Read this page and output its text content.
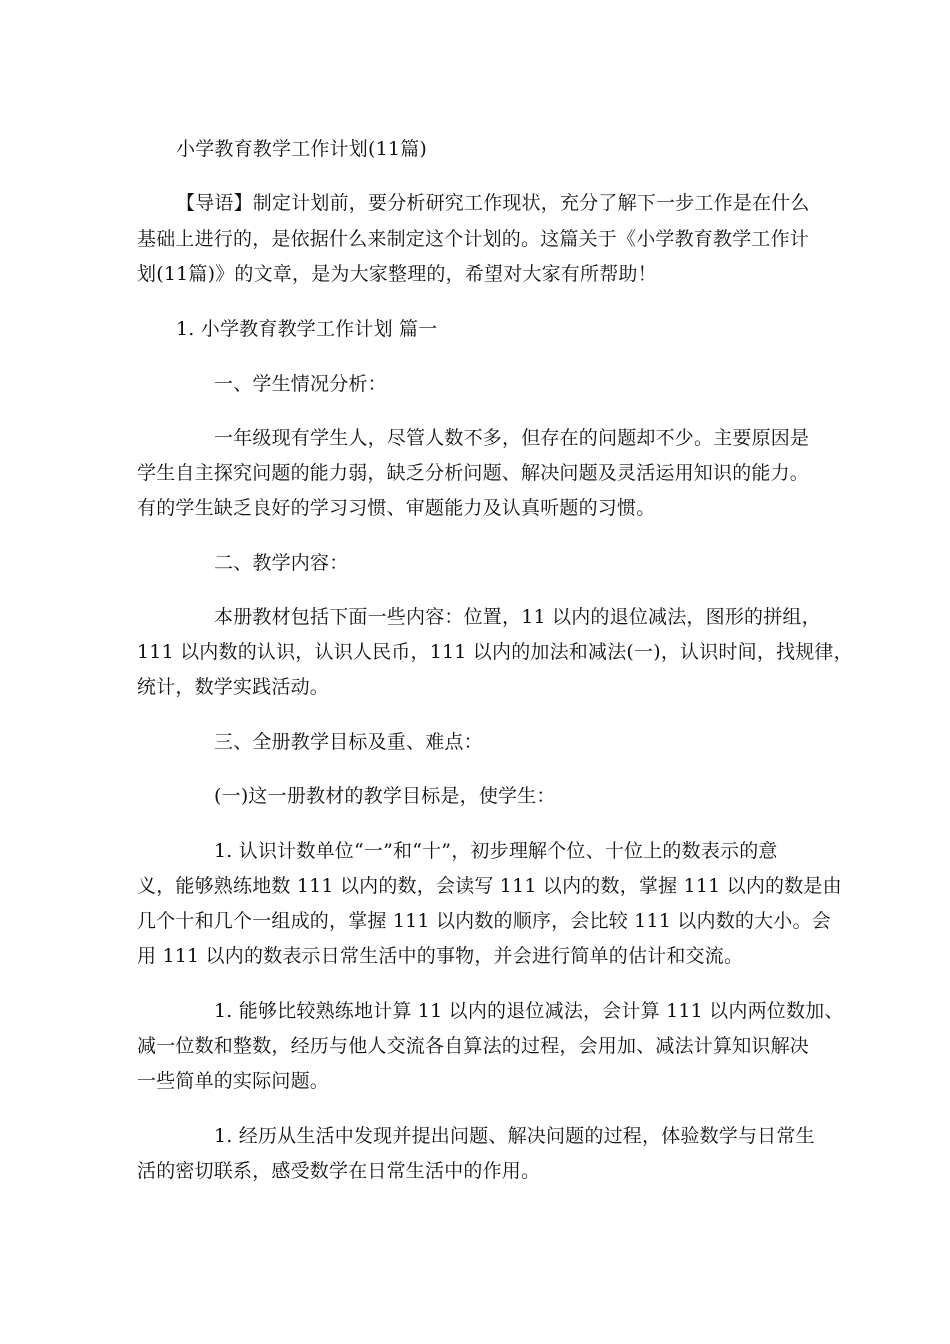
小学教育教学工作计划(11篇)
【导语】制定计划前，要分析研究工作现状，充分了解下一步工作是在什么
基础上进行的，是依据什么来制定这个计划的。这篇关于《小学教育教学工作计
划(11篇)》的文章，是为大家整理的，希望对大家有所帮助！
1. 小学教育教学工作计划 篇一
一、学生情况分析：
一年级现有学生人，尽管人数不多，但存在的问题却不少。主要原因是
学生自主探究问题的能力弱，缺乏分析问题、解决问题及灵活运用知识的能力。
有的学生缺乏良好的学习习惯、审题能力及认真听题的习惯。
二、教学内容：
本册教材包括下面一些内容：位置，11 以内的退位减法，图形的拼组，
111 以内数的认识，认识人民币，111 以内的加法和减法(一)，认识时间，找规律，
统计，数学实践活动。
三、全册教学目标及重、难点：
(一)这一册教材的教学目标是，使学生：
1. 认识计数单位“一”和“十”，初步理解个位、十位上的数表示的意
义，能够熟练地数 111 以内的数，会读写 111 以内的数，掌握 111 以内的数是由
几个十和几个一组成的，掌握 111 以内数的顺序，会比较 111 以内数的大小。会
用 111 以内的数表示日常生活中的事物，并会进行简单的估计和交流。
1. 能够比较熟练地计算 11 以内的退位减法，会计算 111 以内两位数加、
减一位数和整数，经历与他人交流各自算法的过程，会用加、减法计算知识解决
一些简单的实际问题。
1. 经历从生活中发现并提出问题、解决问题的过程，体验数学与日常生
活的密切联系，感受数学在日常生活中的作用。
